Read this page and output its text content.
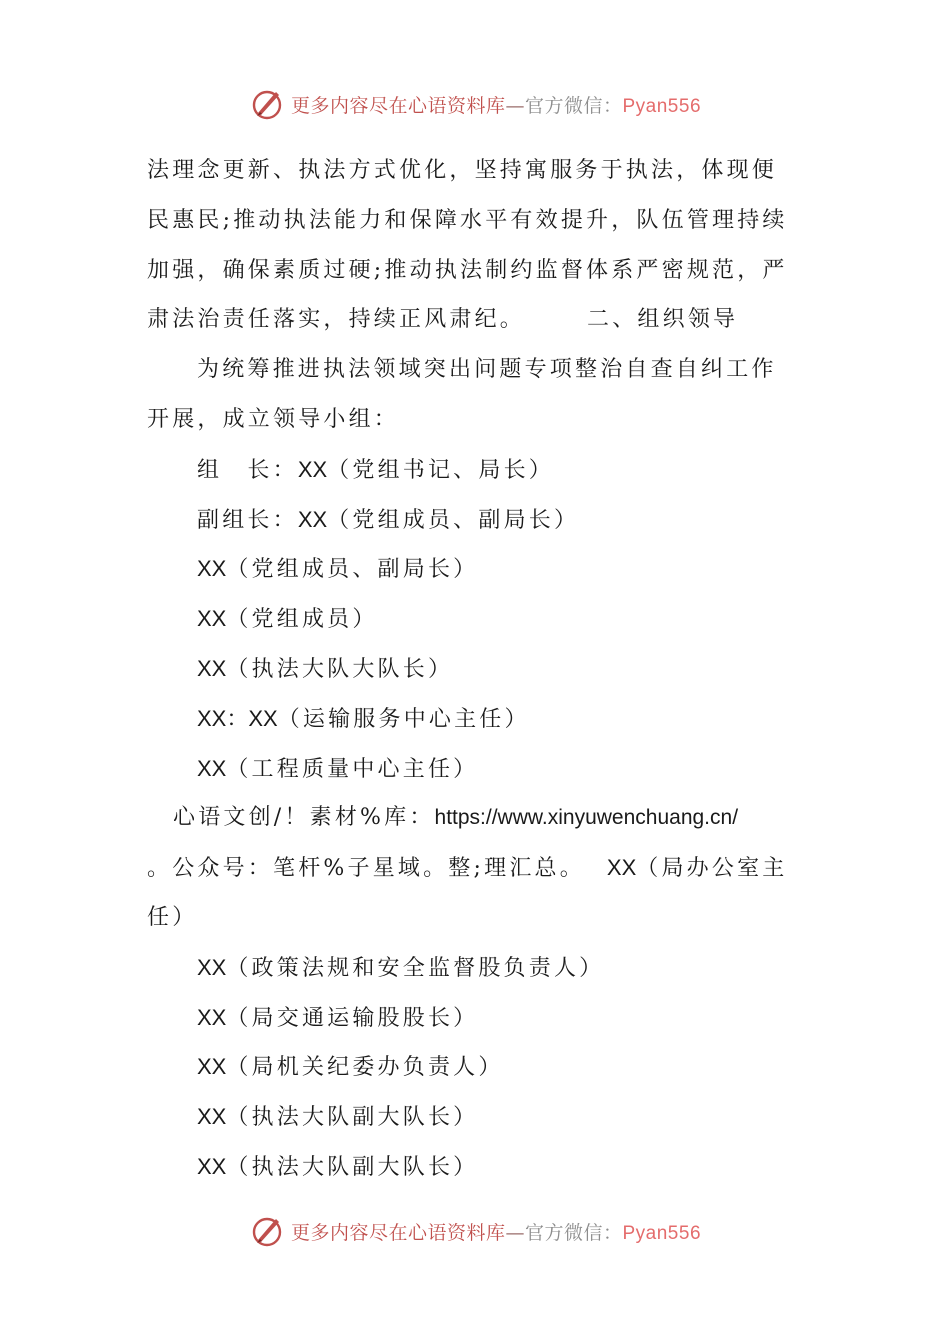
更多内容尽在心语资料库—官方微信：Pyan556
法理念更新、执法方式优化，坚持寓服务于执法，体现便
民惠民;推动执法能力和保障水平有效提升，队伍管理持续
加强，确保素质过硬;推动执法制约监督体系严密规范，严
肃法治责任落实，持续正风肃纪。	二、组织领导
为统筹推进执法领域突出问题专项整治自查自纠工作
开展，成立领导小组：
组　长：XX（党组书记、局长）
副组长：XX（党组成员、副局长）
XX（党组成员、副局长）
XX（党组成员）
XX（执法大队大队长）
XX：XX（运输服务中心主任）
XX（工程质量中心主任）
心语文创/！素材%库：https://www.xinyuwenchuang.cn/
。公众号：笔杆%子星域。整;理汇总。 XX（局办公室主
任）
XX（政策法规和安全监督股负责人）
XX（局交通运输股股长）
XX（局机关纪委办负责人）
XX（执法大队副大队长）
XX（执法大队副大队长）
更多内容尽在心语资料库—官方微信：Pyan556
